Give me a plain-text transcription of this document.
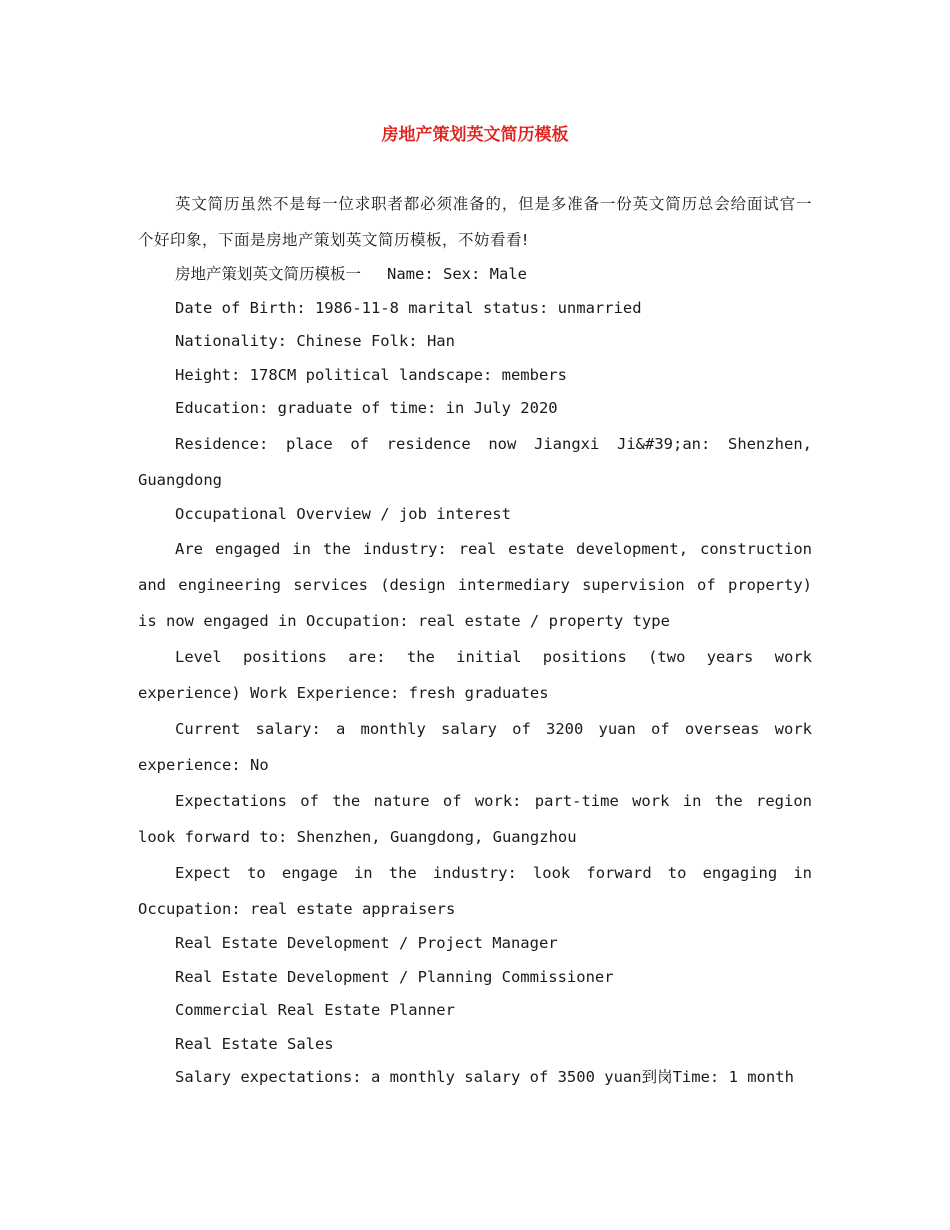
房地产策划英文简历模板

英文简历虽然不是每一位求职者都必须准备的，但是多准备一份英文简历总会给面试官一个好印象，下面是房地产策划英文简历模板，不妨看看!

房地产策划英文简历模板一 Name: Sex: Male

Date of Birth: 1986-11-8 marital status: unmarried

Nationality: Chinese Folk: Han

Height: 178CM political landscape: members

Education: graduate of time: in July 2020

Residence: place of residence now Jiangxi Ji&#39;an: Shenzhen, Guangdong

Occupational Overview / job interest

Are engaged in the industry: real estate development, construction and engineering services (design intermediary supervision of property) is now engaged in Occupation: real estate / property type

Level positions are: the initial positions (two years work experience) Work Experience: fresh graduates

Current salary: a monthly salary of 3200 yuan of overseas work experience: No

Expectations of the nature of work: part-time work in the region look forward to: Shenzhen, Guangdong, Guangzhou

Expect to engage in the industry: look forward to engaging in Occupation: real estate appraisers

Real Estate Development / Project Manager

Real Estate Development / Planning Commissioner

Commercial Real Estate Planner

Real Estate Sales

Salary expectations: a monthly salary of 3500 yuan到岗Time: 1 month
